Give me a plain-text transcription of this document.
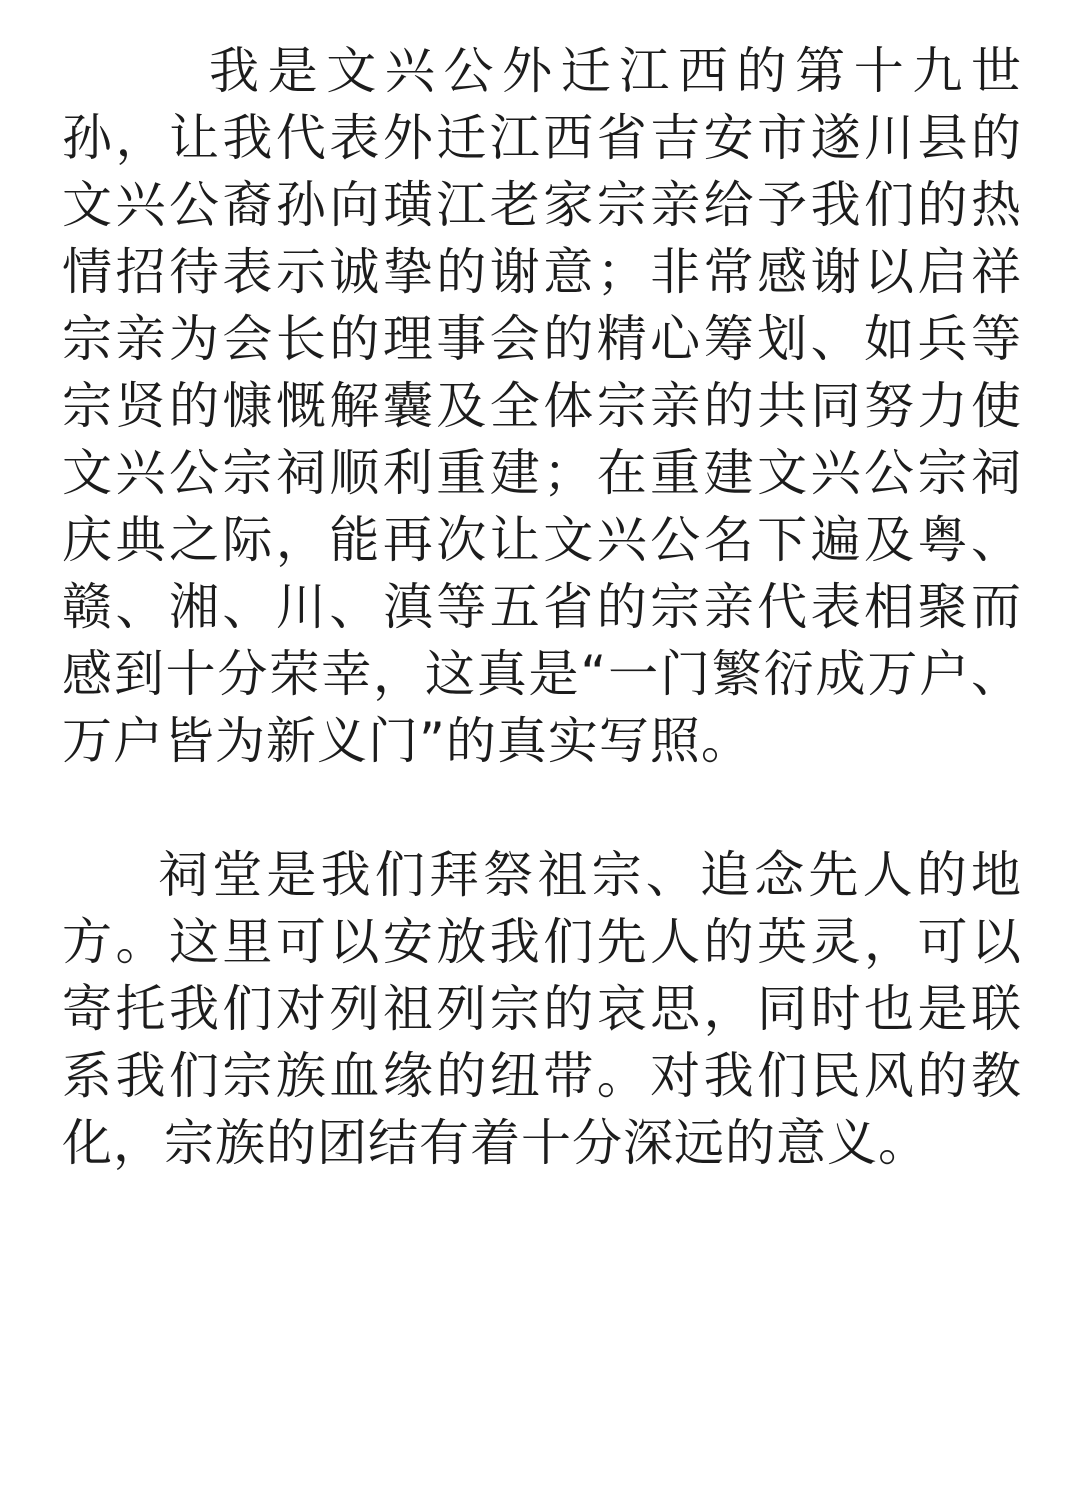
我是文兴公外迁江西的第十九世孙，让我代表外迁江西省吉安市遂川县的文兴公裔孙向璜江老家宗亲给予我们的热情招待表示诚挚的谢意；非常感谢以启祥宗亲为会长的理事会的精心筹划、如兵等宗贤的慷慨解囊及全体宗亲的共同努力使文兴公宗祠顺利重建；在重建文兴公宗祠庆典之际，能再次让文兴公名下遍及粤、赣、湘、川、滇等五省的宗亲代表相聚而感到十分荣幸，这真是“一门繁衍成万户、万户皆为新义门”的真实写照。

祠堂是我们拜祭祖宗、追念先人的地方。这里可以安放我们先人的英灵，可以寄托我们对列祖列宗的哀思，同时也是联系我们宗族血缘的纽带。对我们民风的教化，宗族的团结有着十分深远的意义。
